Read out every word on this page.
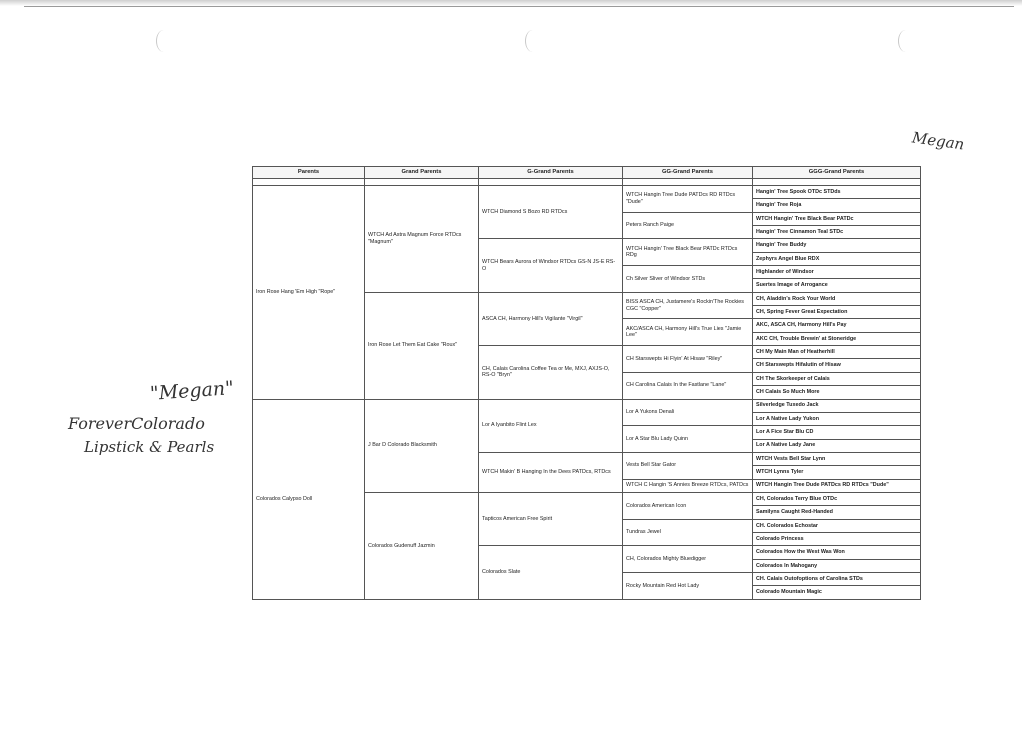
Megan
"Megan"
ForeverColorado
Lipstick & Pearls
Parents	Grand Parents	G-Grand Parents	GG-Grand Parents	GGG-Grand Parents

Iron Rose Hang 'Em High "Rope"	WTCH Ad Astra Magnum Force RTDcs "Magnum"	WTCH Diamond S Bozo RD RTDcs	WTCH Hangin Tree Dude PATDcs RD RTDcs "Dude"	Hangin' Tree Spook OTDc STDds
				Hangin' Tree Roja
			Peters Ranch Paige	WTCH Hangin' Tree Black Bear PATDc
				Hangin' Tree Cinnamon Teal STDc
		WTCH Bears Aurora of Windsor RTDcs GS-N JS-E RS-O	WTCH Hangin' Tree Black Bear PATDc RTDcs RDg	Hangin' Tree Buddy
				Zephyrs Angel Blue RDX
			Ch Silver Sliver of Windsor STDs	Highlander of Windsor
				Suertes Image of Arrogance
	Iron Rose Let Them Eat Cake "Roux"	ASCA CH, Harmony Hill's Vigilante "Virgil"	BISS ASCA CH, Justamere's Rockin'The Rockies CGC "Copper"	CH, Aladdin's Rock Your World
				CH, Spring Fever Great Expectation
			AKC/ASCA CH, Harmony Hill's True Lies "Jamie Lee"	AKC, ASCA CH, Harmony Hill's Pay
				AKC CH, Trouble Brewin' at Stoneridge
		CH, Calais Carolina Coffee Tea or Me, MXJ, AXJS-O, RS-O "Bryn"	CH Starswepts Hi Flyin' At Hisaw "Riley"	CH My Main Man of Heatherhill
				CH Starswepts Hifalutin of Hisaw
			CH Carolina Calais In the Fastlane "Lane"	CH The Skorkeeper of Calais
				CH Calais So Much More
Colorados Calypso Doll	J Bar D Colorado Blacksmith	Lor A Iyanbito Flint Lex	Lor A Yukons Denali	Silverledge Tuxedo Jack
				Lor A Native Lady Yukon
			Lor A Star Blu Lady Quinn	Lor A Fice Star Blu CD
				Lor A Native Lady Jane
		WTCH Makin' B Hanging In the Dees PATDcs, RTDcs	Vests Bell Star Gator	WTCH Vests Bell Star Lynn
				WTCH Lynns Tyler
			WTCH C Hangin 'S Annies Breeze RTDcs, PATDcs	WTCH Hangin Tree Dude PATDcs RD RTDcs "Dude"
	Colorados Gudenuff Jazmin	Tapticos American Free Spirit	Colorados American Icon	CH, Colorados Terry Blue OTDc
				Samilyns Caught Red-Handed
			Tundras Jewel	CH. Colorados Echostar
				Colorado Princess
		Colorados Slate	CH, Colorados Mighty Bluedigger	Colorados How the West Was Won
				Colorados In Mahogany
			Rocky Mountain Red Hot Lady	CH. Calais Outofoptions of Carolina STDs
				Colorado Mountain Magic
